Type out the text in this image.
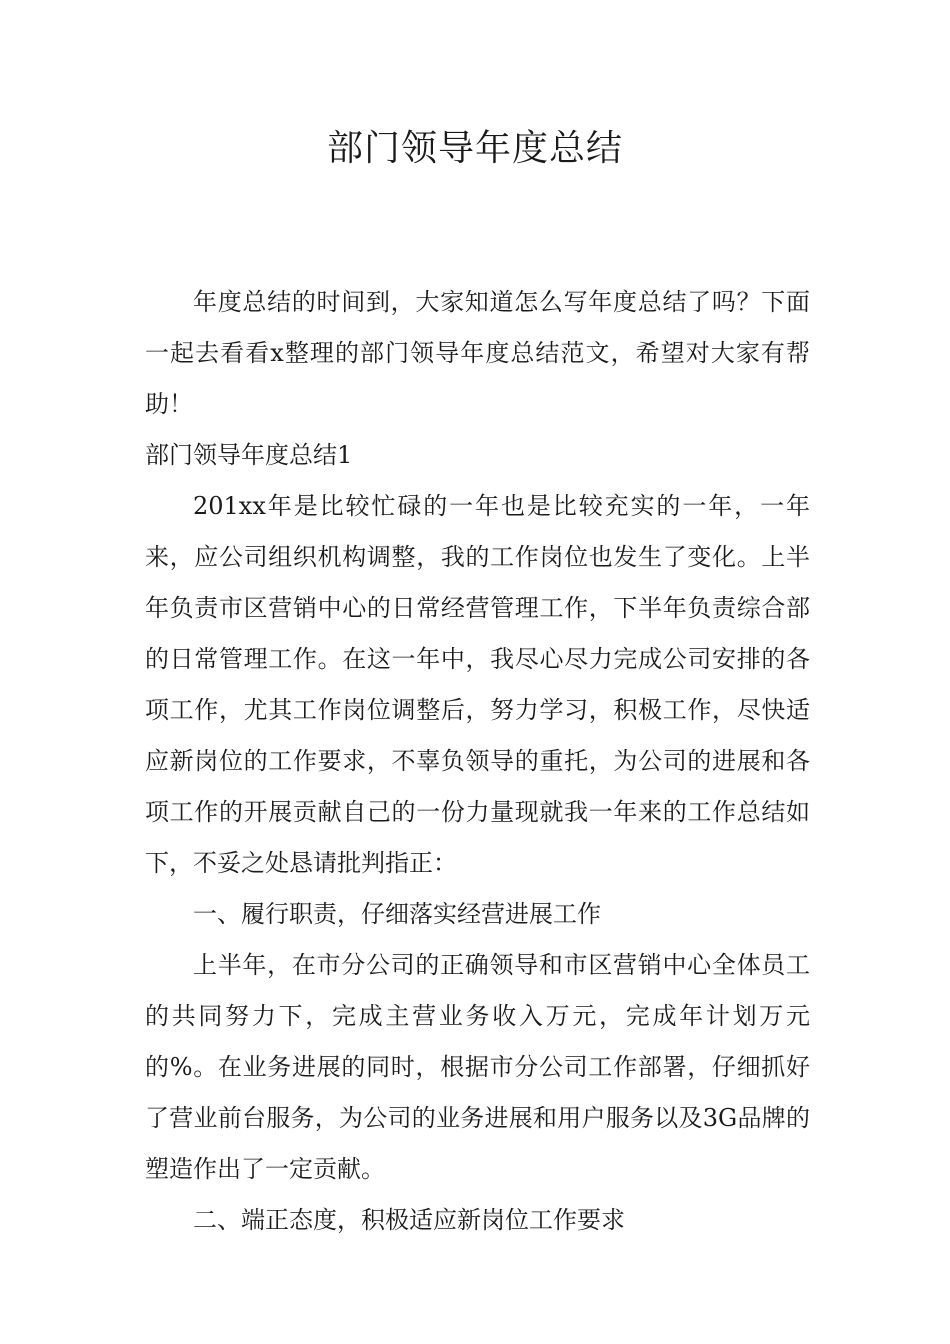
部门领导年度总结

年度总结的时间到，大家知道怎么写年度总结了吗？下面一起去看看x整理的部门领导年度总结范文，希望对大家有帮助！

部门领导年度总结1

201xx年是比较忙碌的一年也是比较充实的一年，一年来，应公司组织机构调整，我的工作岗位也发生了变化。上半年负责市区营销中心的日常经营管理工作，下半年负责综合部的日常管理工作。在这一年中，我尽心尽力完成公司安排的各项工作，尤其工作岗位调整后，努力学习，积极工作，尽快适应新岗位的工作要求，不辜负领导的重托，为公司的进展和各项工作的开展贡献自己的一份力量现就我一年来的工作总结如下，不妥之处恳请批判指正：

一、履行职责，仔细落实经营进展工作

上半年，在市分公司的正确领导和市区营销中心全体员工的共同努力下，完成主营业务收入万元，完成年计划万元的%。在业务进展的同时，根据市分公司工作部署，仔细抓好了营业前台服务，为公司的业务进展和用户服务以及3G品牌的塑造作出了一定贡献。

二、端正态度，积极适应新岗位工作要求
